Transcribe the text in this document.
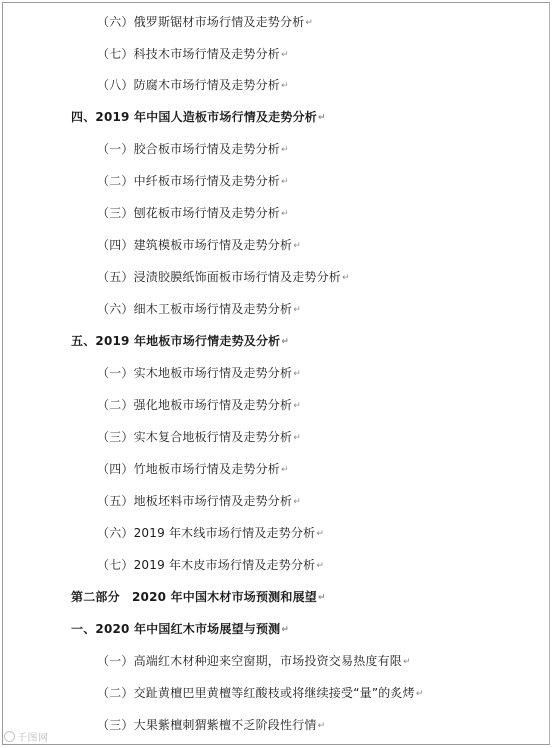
（六）俄罗斯锯材市场行情及走势分析↵
（七）科技木市场行情及走势分析↵
（八）防腐木市场行情及走势分析↵
四、2019 年中国人造板市场行情及走势分析↵
（一）胶合板市场行情及走势分析↵
（二）中纤板市场行情及走势分析↵
（三）刨花板市场行情及走势分析↵
（四）建筑模板市场行情及走势分析↵
（五）浸渍胶膜纸饰面板市场行情及走势分析↵
（六）细木工板市场行情及走势分析↵
五、2019 年地板市场行情走势及分析↵
（一）实木地板市场行情及走势分析↵
（二）强化地板市场行情及走势分析↵
（三）实木复合地板行情及走势分析↵
（四）竹地板市场行情及走势分析↵
（五）地板坯料市场行情及走势分析↵
（六）2019 年木线市场行情及走势分析↵
（七）2019 年木皮市场行情及走势分析↵
第二部分　2020 年中国木材市场预测和展望↵
一、2020 年中国红木市场展望与预测↵
（一）高端红木材种迎来空窗期，市场投资交易热度有限↵
（二）交趾黄檀巴里黄檀等红酸枝或将继续接受“量”的炙烤↵
（三）大果紫檀刺猬紫檀不乏阶段性行情↵
千图网
